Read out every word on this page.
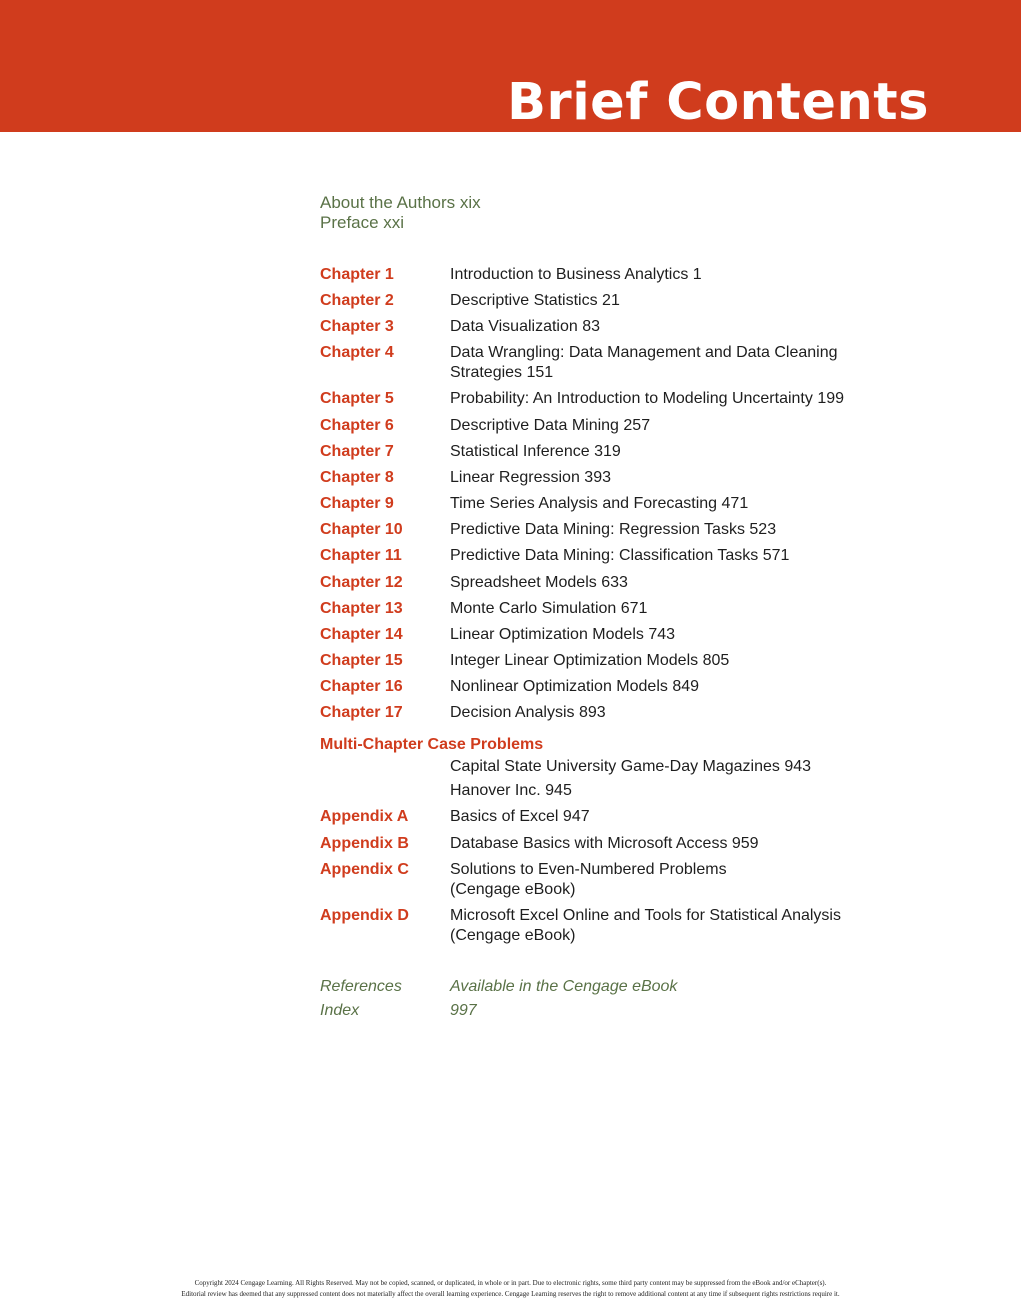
Brief Contents
About the Authors xix
Preface xxi
Chapter 1	Introduction to Business Analytics 1
Chapter 2	Descriptive Statistics 21
Chapter 3	Data Visualization 83
Chapter 4	Data Wrangling: Data Management and Data Cleaning Strategies 151
Chapter 5	Probability: An Introduction to Modeling Uncertainty 199
Chapter 6	Descriptive Data Mining 257
Chapter 7	Statistical Inference 319
Chapter 8	Linear Regression 393
Chapter 9	Time Series Analysis and Forecasting 471
Chapter 10	Predictive Data Mining: Regression Tasks 523
Chapter 11	Predictive Data Mining: Classification Tasks 571
Chapter 12	Spreadsheet Models 633
Chapter 13	Monte Carlo Simulation 671
Chapter 14	Linear Optimization Models 743
Chapter 15	Integer Linear Optimization Models 805
Chapter 16	Nonlinear Optimization Models 849
Chapter 17	Decision Analysis 893
Multi-Chapter Case Problems
Capital State University Game-Day Magazines 943
Hanover Inc. 945
Appendix A	Basics of Excel 947
Appendix B	Database Basics with Microsoft Access 959
Appendix C	Solutions to Even-Numbered Problems
(Cengage eBook)
Appendix D	Microsoft Excel Online and Tools for Statistical Analysis
(Cengage eBook)
References	Available in the Cengage eBook
Index	997
Copyright 2024 Cengage Learning. All Rights Reserved. May not be copied, scanned, or duplicated, in whole or in part. Due to electronic rights, some third party content may be suppressed from the eBook and/or eChapter(s).
Editorial review has deemed that any suppressed content does not materially affect the overall learning experience. Cengage Learning reserves the right to remove additional content at any time if subsequent rights restrictions require it.
